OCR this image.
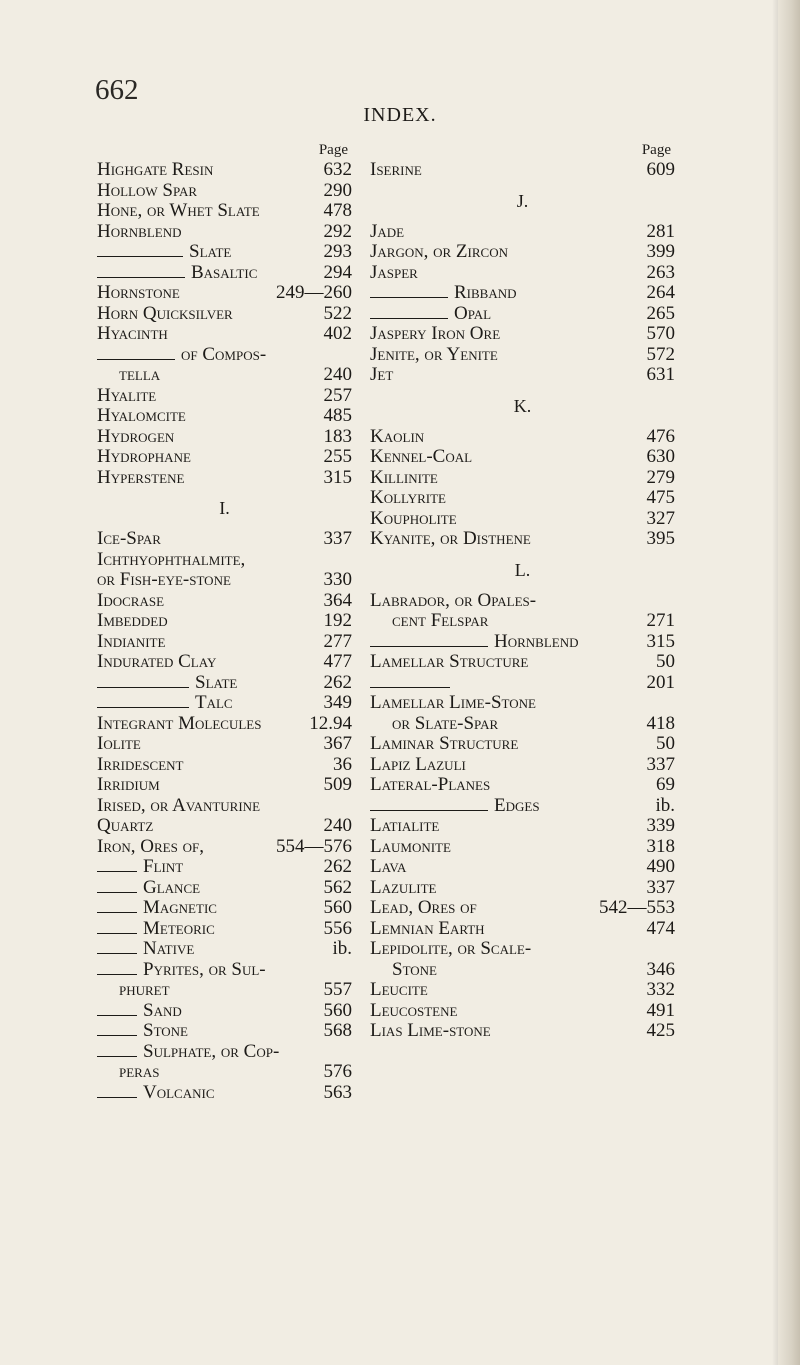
662
INDEX.
Page
Highgate Resin	632
Hollow Spar	290
Hone, or Whet Slate	478
Hornblend	292
Slate	293
Basaltic	294
Hornstone	249—260
Horn Quicksilver	522
Hyacinth	402
of Compos-
tella	240
Hyalite	257
Hyalomcite	485
Hydrogen	183
Hydrophane	255
Hyperstene	315
I.
Ice-Spar	337
Ichthyophthalmite,
or Fish-eye-stone	330
Idocrase	364
Imbedded	192
Indianite	277
Indurated Clay	477
Slate	262
Talc	349
Integrant Molecules	12.94
Iolite	367
Irridescent	36
Irridium	509
Irised, or Avanturine
Quartz	240
Iron, Ores of,	554—576
Flint	262
Glance	562
Magnetic	560
Meteoric	556
Native	ib.
Pyrites, or Sul-
phuret	557
Sand	560
Stone	568
Sulphate, or Cop-
peras	576
Volcanic	563
Page
Iserine	609
J.
Jade	281
Jargon, or Zircon	399
Jasper	263
Ribband	264
Opal	265
Jaspery Iron Ore	570
Jenite, or Yenite	572
Jet	631
K.
Kaolin	476
Kennel-Coal	630
Killinite	279
Kollyrite	475
Koupholite	327
Kyanite, or Disthene	395
L.
Labrador, or Opales-
cent Felspar	271
Hornblend	315
Lamellar Structure	50
201
Lamellar Lime-Stone
or Slate-Spar	418
Laminar Structure	50
Lapiz Lazuli	337
Lateral-Planes	69
Edges	ib.
Latialite	339
Laumonite	318
Lava	490
Lazulite	337
Lead, Ores of	542—553
Lemnian Earth	474
Lepidolite, or Scale-
Stone	346
Leucite	332
Leucostene	491
Lias Lime-stone	425
